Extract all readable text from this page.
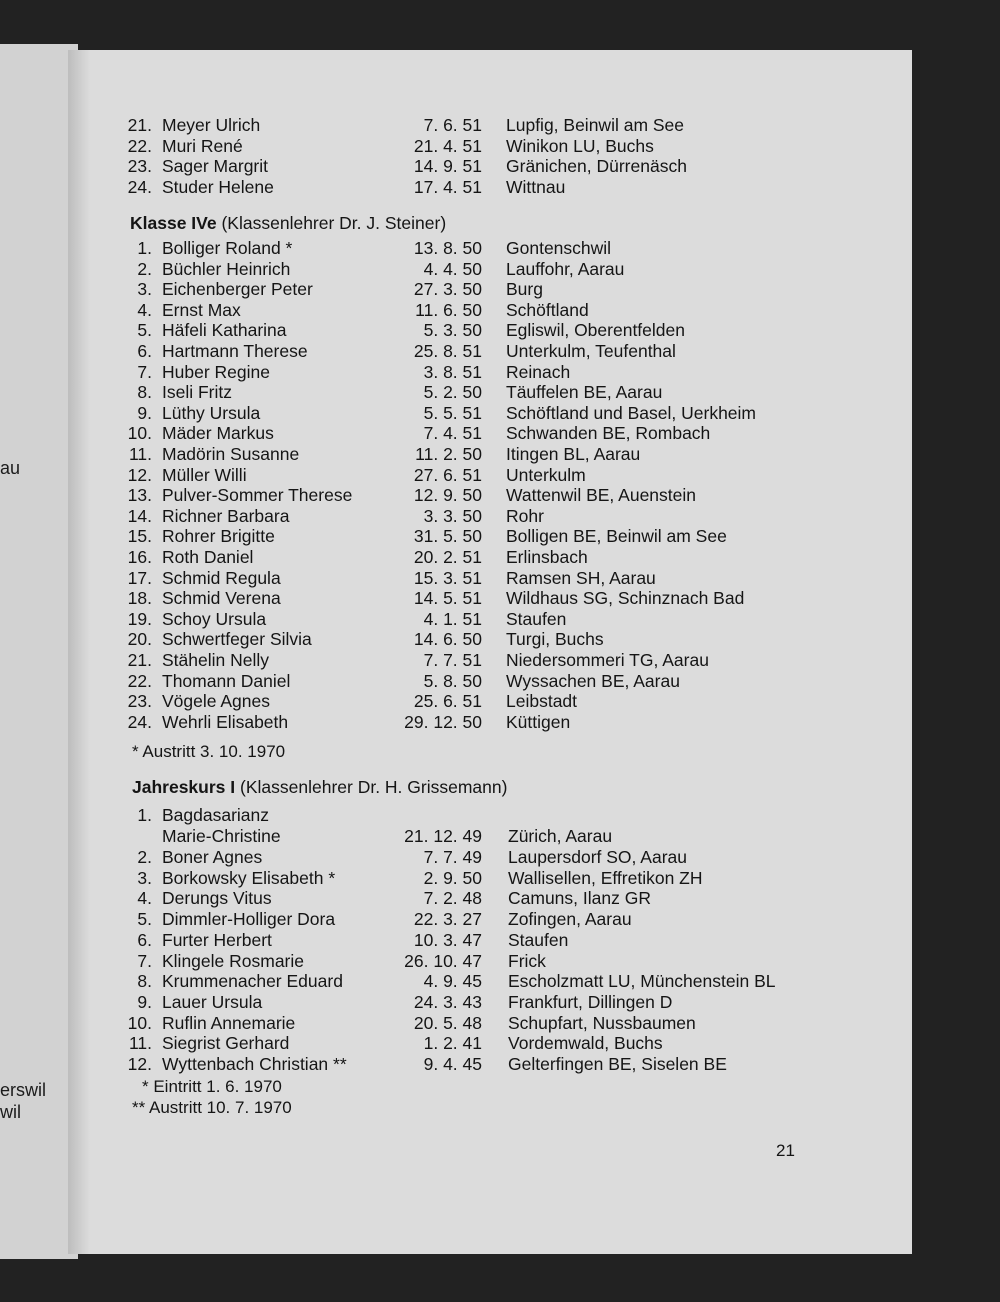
au
erswil
wil
21. Meyer Ulrich	7. 6. 51 Lupfig, Beinwil am See
22. Muri René	21. 4. 51 Winikon LU, Buchs
23. Sager Margrit	14. 9. 51 Gränichen, Dürrenäsch
24. Studer Helene	17. 4. 51 Wittnau
Klasse IVe (Klassenlehrer Dr. J. Steiner)
1. Bolliger Roland *	13. 8. 50 Gontenschwil
2. Büchler Heinrich	4. 4. 50 Lauffohr, Aarau
3. Eichenberger Peter	27. 3. 50 Burg
4. Ernst Max	11. 6. 50 Schöftland
5. Häfeli Katharina	5. 3. 50 Egliswil, Oberentfelden
6. Hartmann Therese	25. 8. 51 Unterkulm, Teufenthal
7. Huber Regine	3. 8. 51 Reinach
8. Iseli Fritz	5. 2. 50 Täuffelen BE, Aarau
9. Lüthy Ursula	5. 5. 51 Schöftland und Basel, Uerkheim
10. Mäder Markus	7. 4. 51 Schwanden BE, Rombach
11. Madörin Susanne	11. 2. 50 Itingen BL, Aarau
12. Müller Willi	27. 6. 51 Unterkulm
13. Pulver-Sommer Therese	12. 9. 50 Wattenwil BE, Auenstein
14. Richner Barbara	3. 3. 50 Rohr
15. Rohrer Brigitte	31. 5. 50 Bolligen BE, Beinwil am See
16. Roth Daniel	20. 2. 51 Erlinsbach
17. Schmid Regula	15. 3. 51 Ramsen SH, Aarau
18. Schmid Verena	14. 5. 51 Wildhaus SG, Schinznach Bad
19. Schoy Ursula	4. 1. 51 Staufen
20. Schwertfeger Silvia	14. 6. 50 Turgi, Buchs
21. Stähelin Nelly	7. 7. 51 Niedersommeri TG, Aarau
22. Thomann Daniel	5. 8. 50 Wyssachen BE, Aarau
23. Vögele Agnes	25. 6. 51 Leibstadt
24. Wehrli Elisabeth	29. 12. 50 Küttigen
* Austritt 3. 10. 1970
Jahreskurs I (Klassenlehrer Dr. H. Grissemann)
1. Bagdasarianz
Marie-Christine	21. 12. 49 Zürich, Aarau
2. Boner Agnes	7. 7. 49 Laupersdorf SO, Aarau
3. Borkowsky Elisabeth *	2. 9. 50 Wallisellen, Effretikon ZH
4. Derungs Vitus	7. 2. 48 Camuns, Ilanz GR
5. Dimmler-Holliger Dora	22. 3. 27 Zofingen, Aarau
6. Furter Herbert	10. 3. 47 Staufen
7. Klingele Rosmarie	26. 10. 47 Frick
8. Krummenacher Eduard	4. 9. 45 Escholzmatt LU, Münchenstein BL
9. Lauer Ursula	24. 3. 43 Frankfurt, Dillingen D
10. Ruflin Annemarie	20. 5. 48 Schupfart, Nussbaumen
11. Siegrist Gerhard	1. 2. 41 Vordemwald, Buchs
12. Wyttenbach Christian **	9. 4. 45 Gelterfingen BE, Siselen BE
* Eintritt 1. 6. 1970
** Austritt 10. 7. 1970
21
